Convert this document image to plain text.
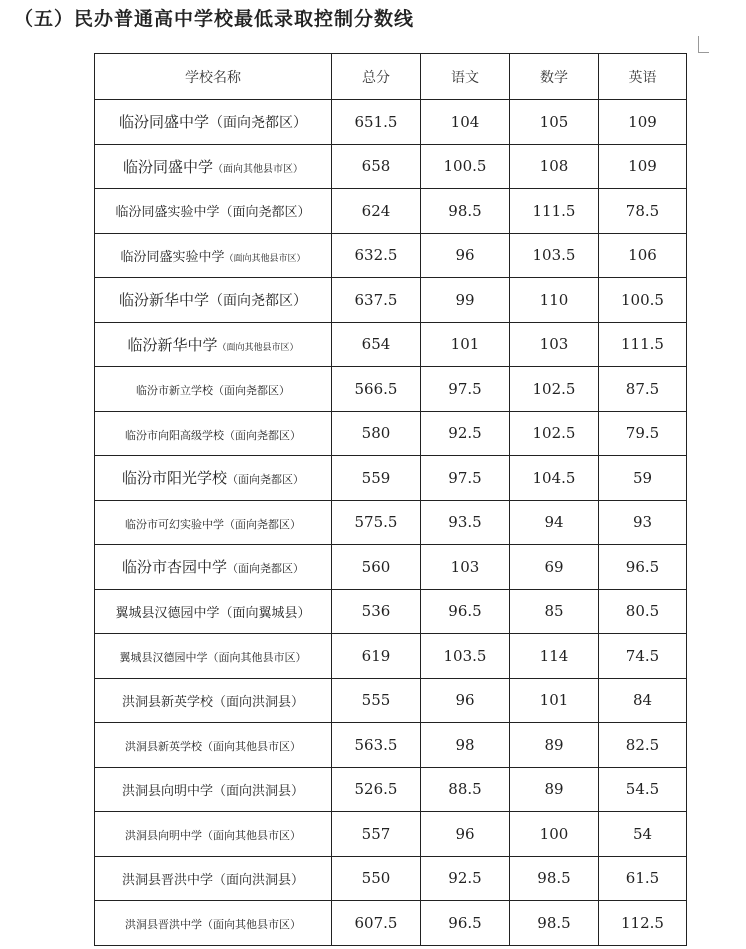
（五）民办普通高中学校最低录取控制分数线
学校名称	总分	语文	数学	英语
临汾同盛中学（面向尧都区）	651.5	104	105	109
临汾同盛中学（面向其他县市区）	658	100.5	108	109
临汾同盛实验中学（面向尧都区）	624	98.5	111.5	78.5
临汾同盛实验中学（面向其他县市区）	632.5	96	103.5	106
临汾新华中学（面向尧都区）	637.5	99	110	100.5
临汾新华中学（面向其他县市区）	654	101	103	111.5
临汾市新立学校（面向尧都区）	566.5	97.5	102.5	87.5
临汾市向阳高级学校（面向尧都区）	580	92.5	102.5	79.5
临汾市阳光学校（面向尧都区）	559	97.5	104.5	59
临汾市可幻实验中学（面向尧都区）	575.5	93.5	94	93
临汾市杏园中学（面向尧都区）	560	103	69	96.5
翼城县汉德园中学（面向翼城县）	536	96.5	85	80.5
翼城县汉德园中学（面向其他县市区）	619	103.5	114	74.5
洪洞县新英学校（面向洪洞县）	555	96	101	84
洪洞县新英学校（面向其他县市区）	563.5	98	89	82.5
洪洞县向明中学（面向洪洞县）	526.5	88.5	89	54.5
洪洞县向明中学（面向其他县市区）	557	96	100	54
洪洞县晋洪中学（面向洪洞县）	550	92.5	98.5	61.5
洪洞县晋洪中学（面向其他县市区）	607.5	96.5	98.5	112.5
